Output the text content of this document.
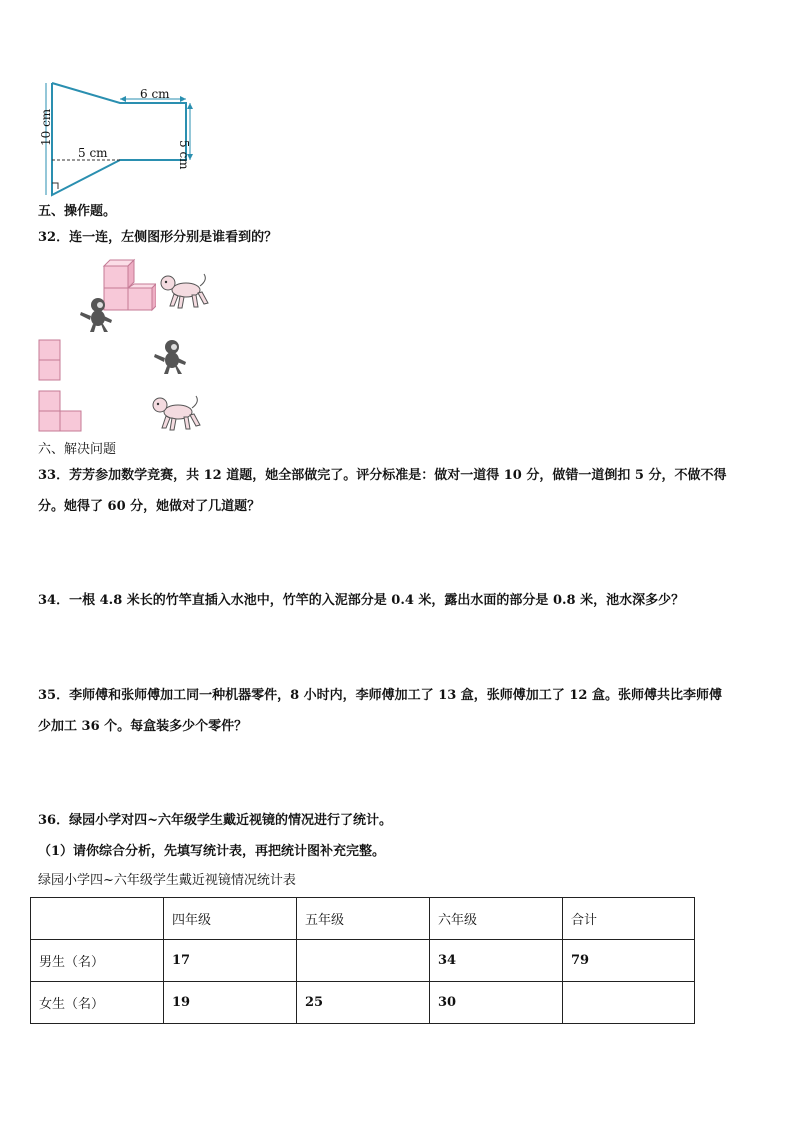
6 cm
5 cm
10 cm
5 cm
五、操作题。
32．连一连，左侧图形分别是谁看到的？
六、解决问题
33．芳芳参加数学竞赛，共 12 道题，她全部做完了。评分标准是：做对一道得 10 分，做错一道倒扣 5 分，不做不得
分。她得了 60 分，她做对了几道题？
34．一根 4.8 米长的竹竿直插入水池中，竹竿的入泥部分是 0.4 米，露出水面的部分是 0.8 米，池水深多少？
35．李师傅和张师傅加工同一种机器零件，8 小时内，李师傅加工了 13 盒，张师傅加工了 12 盒。张师傅共比李师傅
少加工 36 个。每盒装多少个零件？
36．绿园小学对四~六年级学生戴近视镜的情况进行了统计。
（1）请你综合分析，先填写统计表，再把统计图补充完整。
绿园小学四~六年级学生戴近视镜情况统计表
	四年级	五年级	六年级	合计
男生（名）	17		34	79
女生（名）	19	25	30	
